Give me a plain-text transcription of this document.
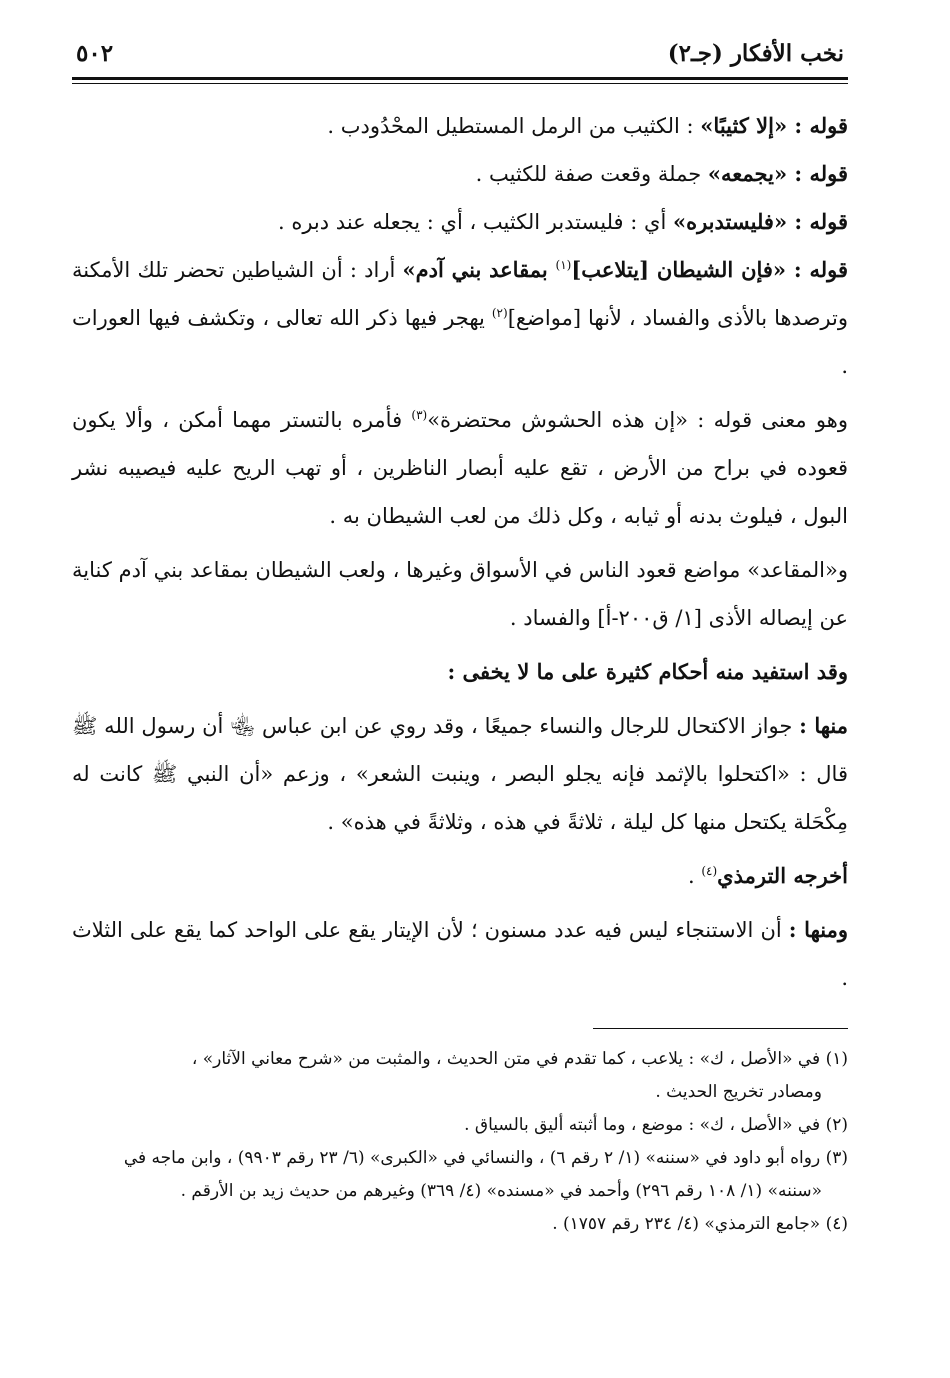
نخب الأفكار (جـ٢)
٥٠٢

قوله : «إلا كثيبًا» : الكثيب من الرمل المستطيل المحْدُودب .

قوله : «يجمعه» جملة وقعت صفة للكثيب .

قوله : «فليستدبره» أي : فليستدبر الكثيب ، أي : يجعله عند دبره .

قوله : «فإن الشيطان [يتلاعب]$^{(١)}$ بمقاعد بني آدم» أراد : أن الشياطين تحضر تلك الأمكنة وترصدها بالأذى والفساد ، لأنها [مواضع]$^{(٢)}$ يهجر فيها ذكر الله تعالى ، وتكشف فيها العورات .

وهو معنى قوله : «إن هذه الحشوش محتضرة»$^{(٣)}$ فأمره بالتستر مهما أمكن ، وألا يكون قعوده في براح من الأرض ، تقع عليه أبصار الناظرين ، أو تهب الريح عليه فيصيبه نشر البول ، فيلوث بدنه أو ثيابه ، وكل ذلك من لعب الشيطان به .

و«المقاعد» مواضع قعود الناس في الأسواق وغيرها ، ولعب الشيطان بمقاعد بني آدم كناية عن إيصاله الأذى [١/ ق٢٠٠-أ] والفساد .

وقد استفيد منه أحكام كثيرة على ما لا يخفى :

منها : جواز الاكتحال للرجال والنساء جميعًا ، وقد روي عن ابن عباس ﵄ أن رسول الله ﷺ قال : «اكتحلوا بالإثمد فإنه يجلو البصر ، وينبت الشعر» ، وزعم «أن النبي ﷺ كانت له مِكْحَلة يكتحل منها كل ليلة ، ثلاثةً في هذه ، وثلاثةً في هذه» .

أخرجه الترمذي$^{(٤)}$ .

ومنها : أن الاستنجاء ليس فيه عدد مسنون ؛ لأن الإيتار يقع على الواحد كما يقع على الثلاث .

(١) في «الأصل ، ك» : يلاعب ، كما تقدم في متن الحديث ، والمثبت من «شرح معاني الآثار» ،

ومصادر تخريج الحديث .

(٢) في «الأصل ، ك» : موضع ، وما أثبته أليق بالسياق .

(٣) رواه أبو داود في «سننه» (١/ ٢ رقم ٦) ، والنسائي في «الكبرى» (٦/ ٢٣ رقم ٩٩٠٣) ، وابن ماجه في

«سننه» (١/ ١٠٨ رقم ٢٩٦) وأحمد في «مسنده» (٤/ ٣٦٩) وغيرهم من حديث زيد بن الأرقم .

(٤) «جامع الترمذي» (٤/ ٢٣٤ رقم ١٧٥٧) .
